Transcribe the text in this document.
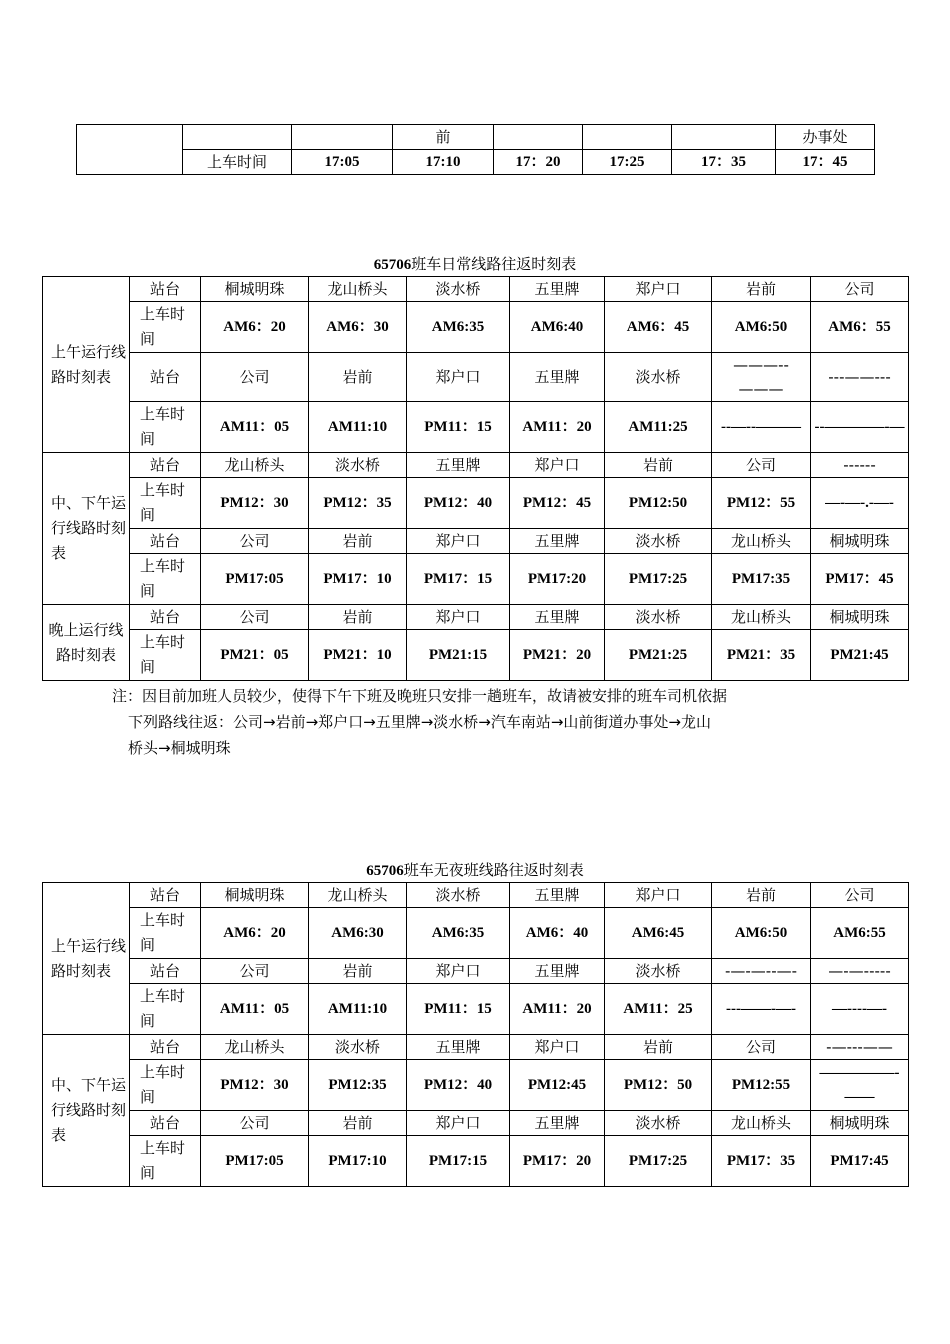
			前				办事处
	上车时间	17:05	17:10	17：20	17:25	17：35	17：45
65706班车日常线路往返时刻表
上午运行线路时刻表	站台	桐城明珠	龙山桥头	淡水桥	五里牌	郑户口	岩前	公司
	上车时间	AM6：20	AM6：30	AM6:35	AM6:40	AM6：45	AM6:50	AM6：55
	站台	公司	岩前	郑户口	五里牌	淡水桥	———--———	---——---
	上车时间	AM11：05	AM11:10	PM11：15	AM11：20	AM11:25	--—--———	--————-—
中、下午运行线路时刻表	站台	龙山桥头	淡水桥	五里牌	郑户口	岩前	公司	------
	上车时间	PM12：30	PM12：35	PM12：40	PM12：45	PM12:50	PM12：55	—-—-.-—-
	站台	公司	岩前	郑户口	五里牌	淡水桥	龙山桥头	桐城明珠
	上车时间	PM17:05	PM17：10	PM17：15	PM17:20	PM17:25	PM17:35	PM17：45
晚上运行线路时刻表	站台	公司	岩前	郑户口	五里牌	淡水桥	龙山桥头	桐城明珠
	上车时间	PM21：05	PM21：10	PM21:15	PM21：20	PM21:25	PM21：35	PM21:45
注：因目前加班人员较少，使得下午下班及晚班只安排一趟班车，故请被安排的班车司机依据
下列路线往返：公司→岩前→郑户口→五里牌→淡水桥→汽车南站→山前街道办事处→龙山
桥头→桐城明珠
65706班车无夜班线路往返时刻表
上午运行线路时刻表	站台	桐城明珠	龙山桥头	淡水桥	五里牌	郑户口	岩前	公司
	上车时间	AM6：20	AM6:30	AM6:35	AM6：40	AM6:45	AM6:50	AM6:55
	站台	公司	岩前	郑户口	五里牌	淡水桥	-—-—--—-	—-—-----
	上车时间	AM11：05	AM11:10	PM11：15	AM11：20	AM11：25	---——-—-	—----—-
中、下午运行线路时刻表	站台	龙山桥头	淡水桥	五里牌	郑户口	岩前	公司	-—---——
	上车时间	PM12：30	PM12:35	PM12：40	PM12:45	PM12：50	PM12:55	—————-——
	站台	公司	岩前	郑户口	五里牌	淡水桥	龙山桥头	桐城明珠
	上车时间	PM17:05	PM17:10	PM17:15	PM17：20	PM17:25	PM17：35	PM17:45
